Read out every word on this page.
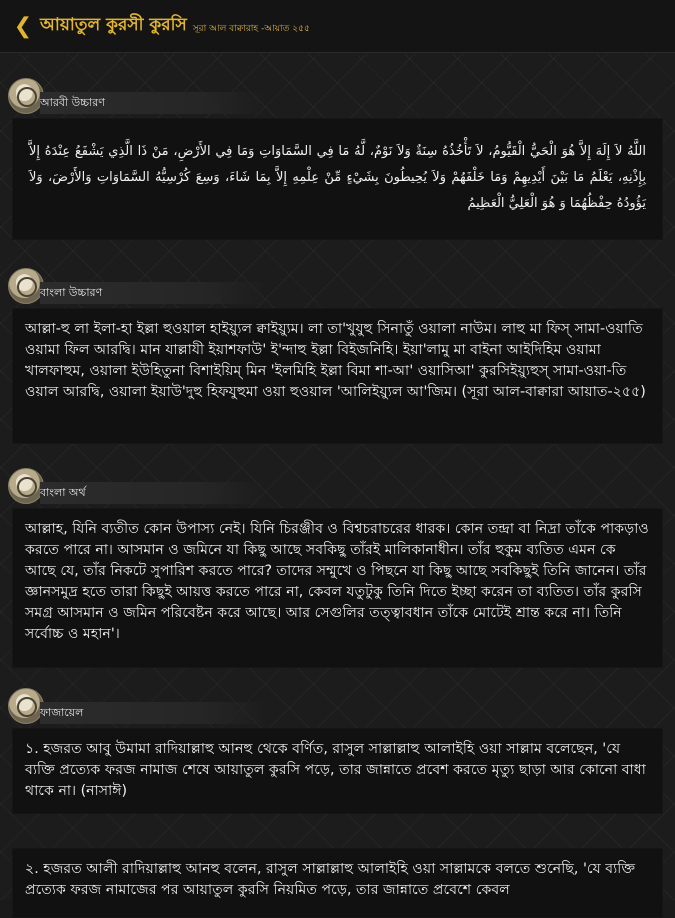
❮ আয়াতুল কুরসী কুরসি সূরা আল বাক্বারাহ -আয়াত ২৫৫
আরবী উচ্চারণ
اللَّهُ لاَ إِلَهَ إِلاَّ هُوَ الْحَيُّ الْقَيُّومُ، لاَ تَأْخُذُهُ سِنَةٌ وَلاَ نَوْمٌ، لَّهُ مَا فِي السَّمَاوَاتِ وَمَا فِي الأَرْضِ، مَنْ ذَا الَّذِي يَشْفَعُ عِنْدَهُ إِلاَّ بِإِذْنِهِ، يَعْلَمُ مَا بَيْنَ أَيْدِيهِمْ وَمَا خَلْفَهُمْ وَلاَ يُحِيطُونَ بِشَيْءٍ مِّنْ عِلْمِهِ إِلاَّ بِمَا شَاءَ، وَسِعَ كُرْسِيُّهُ السَّمَاوَاتِ وَالأَرْضَ، وَلاَ يَؤُودُهُ حِفْظُهُمَا وَ هُوَ الْعَلِيُّ الْعَظِيمُ
বাংলা উচ্চারণ
আল্লা-হু লা ইলা-হা ইল্লা হুওয়াল হাইয়্যুল ক্বাইয়্যুম। লা তা'খুযুহু সিনাতুঁ ওয়ালা নাউম। লাহু মা ফিস্ সামা-ওয়াতি ওয়ামা ফিল আরদ্বি। মান যাল্লাযী ইয়াশফাউ' ই'ন্দাহু ইল্লা বিইজনিহি। ইয়া'লামু মা বাইনা আইদিহিম ওয়ামা খালফাহুম, ওয়ালা ইউহিতুনা বিশাইয়িম্ মিন 'ইলমিহি ইল্লা বিমা শা-আ' ওয়াসিআ' কুরসিইয়্যুহুস্ সামা-ওয়া-তি ওয়াল আরদ্বি, ওয়ালা ইয়াউ'দুহু হিফযুহুমা ওয়া হুওয়াল 'আলিইয়্যুল আ'জিম। (সূরা আল-বাক্বারা আয়াত-২৫৫)
বাংলা অর্থ
আল্লাহ, যিনি ব্যতীত কোন উপাস্য নেই। যিনি চিরঞ্জীব ও বিশ্বচরাচরের ধারক। কোন তন্দ্রা বা নিদ্রা তাঁকে পাকড়াও করতে পারে না। আসমান ও জমিনে যা কিছু আছে সবকিছু তাঁরই মালিকানাধীন। তাঁর হুকুম ব্যতিত এমন কে আছে যে, তাঁর নিকটে সুপারিশ করতে পারে? তাদের সম্মুখে ও পিছনে যা কিছু আছে সবকিছুই তিনি জানেন। তাঁর জ্ঞানসমুদ্র হতে তারা কিছুই আয়ত্ত করতে পারে না, কেবল যতুটুকু তিনি দিতে ইচ্ছা করেন তা ব্যতিত। তাঁর কুরসি সমগ্র আসমান ও জমিন পরিবেষ্টন করে আছে। আর সেগুলির তত্ত্বাবধান তাঁকে মোটেই শ্রান্ত করে না। তিনি সর্বোচ্চ ও মহান'।
ফাজায়েল
১. হজরত আবু উমামা রাদিয়াল্লাহু আনহু থেকে বর্ণিত, রাসুল সাল্লাল্লাহু আলাইহি ওয়া সাল্লাম বলেছেন, 'যে ব্যক্তি প্রত্যেক ফরজ নামাজ শেষে আয়াতুল কুরসি পড়ে, তার জান্নাতে প্রবেশ করতে মৃত্যু ছাড়া আর কোনো বাধা থাকে না। (নাসাঈ)
২. হজরত আলী রাদিয়াল্লাহু আনহু বলেন, রাসুল সাল্লাল্লাহু আলাইহি ওয়া সাল্লামকে বলতে শুনেছি, 'যে ব্যক্তি প্রত্যেক ফরজ নামাজের পর আয়াতুল কুরসি নিয়মিত পড়ে, তার জান্নাতে প্রবেশে কেবল
